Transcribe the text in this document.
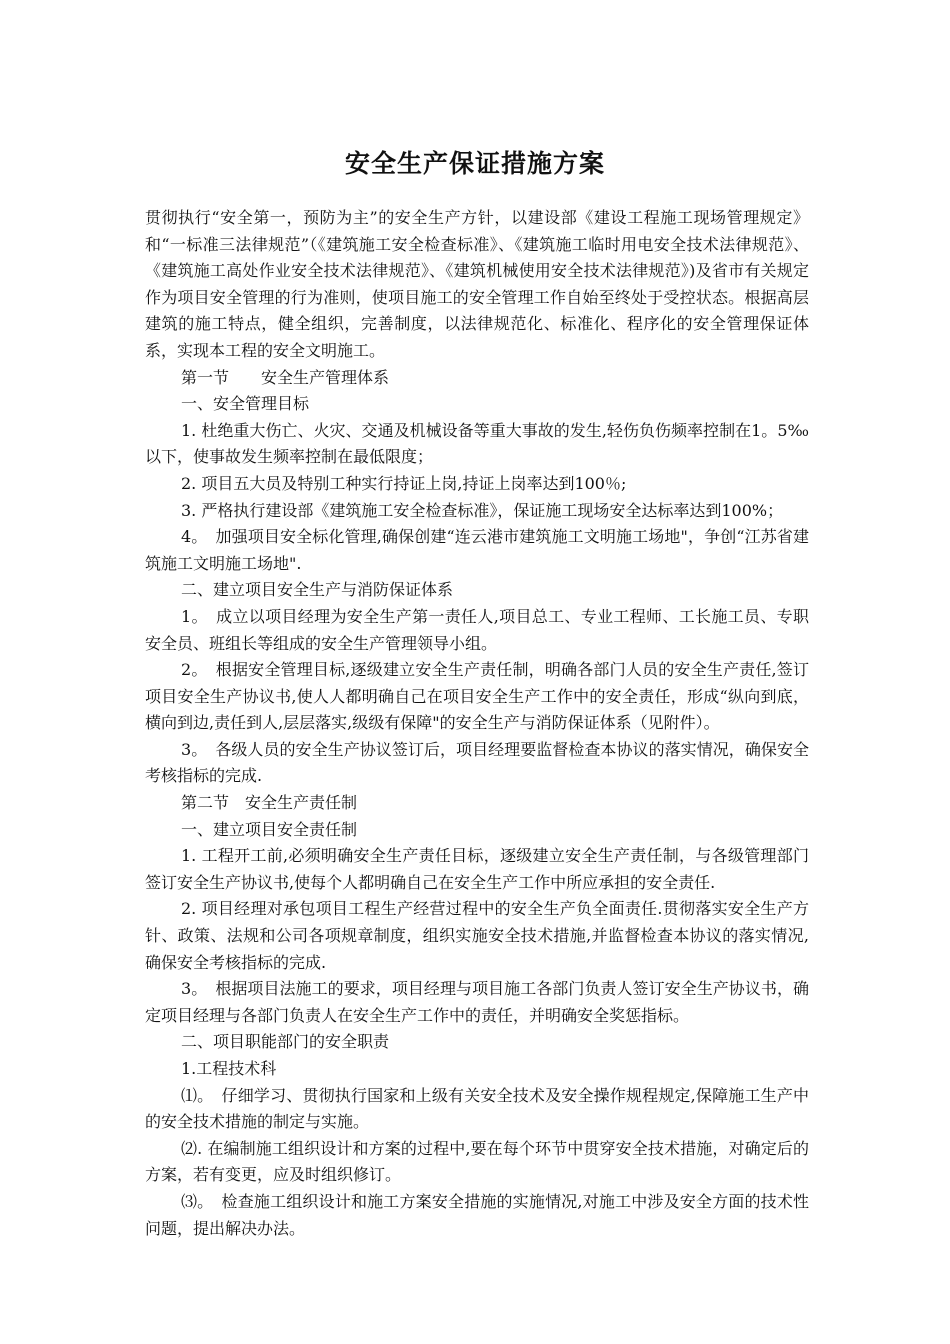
安全生产保证措施方案

贯彻执行“安全第一，预防为主”的安全生产方针，以建设部《建设工程施工现场管理规定》和“一标准三法律规范”（《建筑施工安全检查标准》、《建筑施工临时用电安全技术法律规范》、《建筑施工高处作业安全技术法律规范》、《建筑机械使用安全技术法律规范》)及省市有关规定作为项目安全管理的行为准则，使项目施工的安全管理工作自始至终处于受控状态。根据高层建筑的施工特点，健全组织，完善制度，以法律规范化、标准化、程序化的安全管理保证体系，实现本工程的安全文明施工。

第一节　　安全生产管理体系

一、安全管理目标

1. 杜绝重大伤亡、火灾、交通及机械设备等重大事故的发生,轻伤负伤频率控制在1。5‰以下，使事故发生频率控制在最低限度；

2. 项目五大员及特别工种实行持证上岗,持证上岗率达到100％;

3. 严格执行建设部《建筑施工安全检查标准》，保证施工现场安全达标率达到100%；

4。　加强项目安全标化管理,确保创建“连云港市建筑施工文明施工场地"，争创“江苏省建筑施工文明施工场地".

二、建立项目安全生产与消防保证体系

1。　成立以项目经理为安全生产第一责任人,项目总工、专业工程师、工长施工员、专职安全员、班组长等组成的安全生产管理领导小组。

2。　根据安全管理目标,逐级建立安全生产责任制，明确各部门人员的安全生产责任,签订项目安全生产协议书,使人人都明确自己在项目安全生产工作中的安全责任，形成“纵向到底，横向到边,责任到人,层层落实,级级有保障"的安全生产与消防保证体系（见附件）。

3。　各级人员的安全生产协议签订后，项目经理要监督检查本协议的落实情况，确保安全考核指标的完成.

第二节　安全生产责任制

一、建立项目安全责任制

1. 工程开工前,必须明确安全生产责任目标，逐级建立安全生产责任制，与各级管理部门签订安全生产协议书,使每个人都明确自己在安全生产工作中所应承担的安全责任.

2. 项目经理对承包项目工程生产经营过程中的安全生产负全面责任.贯彻落实安全生产方针、政策、法规和公司各项规章制度，组织实施安全技术措施,并监督检查本协议的落实情况,确保安全考核指标的完成.

3。　根据项目法施工的要求，项目经理与项目施工各部门负责人签订安全生产协议书，确定项目经理与各部门负责人在安全生产工作中的责任，并明确安全奖惩指标。

二、项目职能部门的安全职责

1.工程技术科

⑴。　仔细学习、贯彻执行国家和上级有关安全技术及安全操作规程规定,保障施工生产中的安全技术措施的制定与实施。

⑵. 在编制施工组织设计和方案的过程中,要在每个环节中贯穿安全技术措施，对确定后的方案，若有变更，应及时组织修订。

⑶。　检查施工组织设计和施工方案安全措施的实施情况,对施工中涉及安全方面的技术性问题，提出解决办法。
